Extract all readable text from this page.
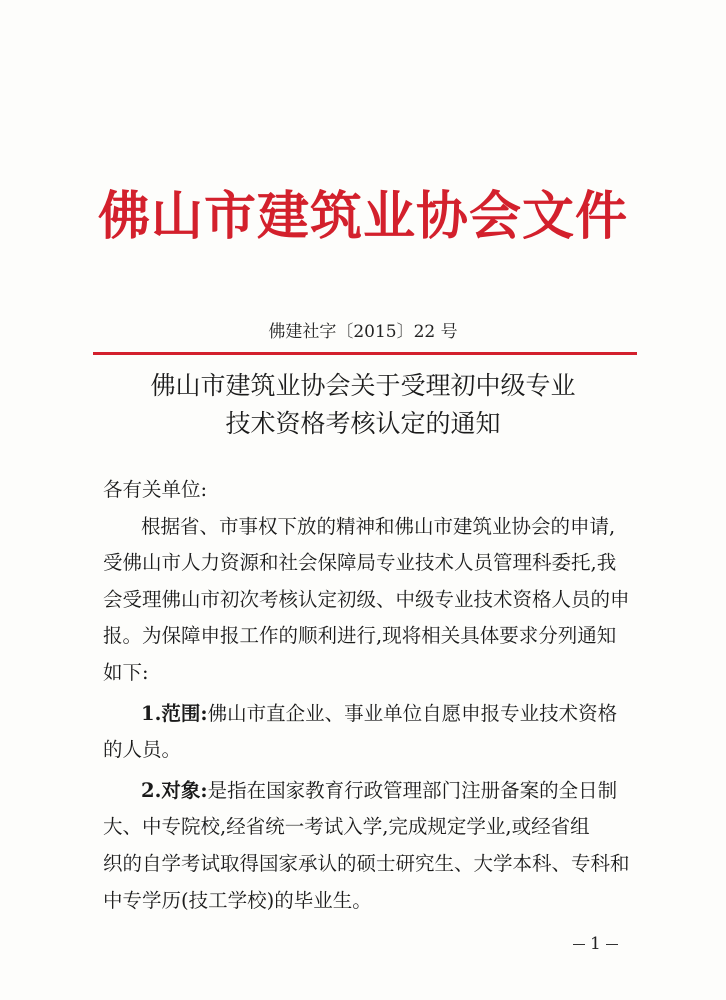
佛山市建筑业协会文件
佛建社字〔2015〕22 号
佛山市建筑业协会关于受理初中级专业
技术资格考核认定的通知
各有关单位:
根据省、市事权下放的精神和佛山市建筑业协会的申请,
受佛山市人力资源和社会保障局专业技术人员管理科委托,我
会受理佛山市初次考核认定初级、中级专业技术资格人员的申
报。为保障申报工作的顺利进行,现将相关具体要求分列通知
如下:
1.范围:佛山市直企业、事业单位自愿申报专业技术资格
的人员。
2.对象:是指在国家教育行政管理部门注册备案的全日制
大、中专院校,经省统一考试入学,完成规定学业,或经省组
织的自学考试取得国家承认的硕士研究生、大学本科、专科和
中专学历(技工学校)的毕业生。
1
